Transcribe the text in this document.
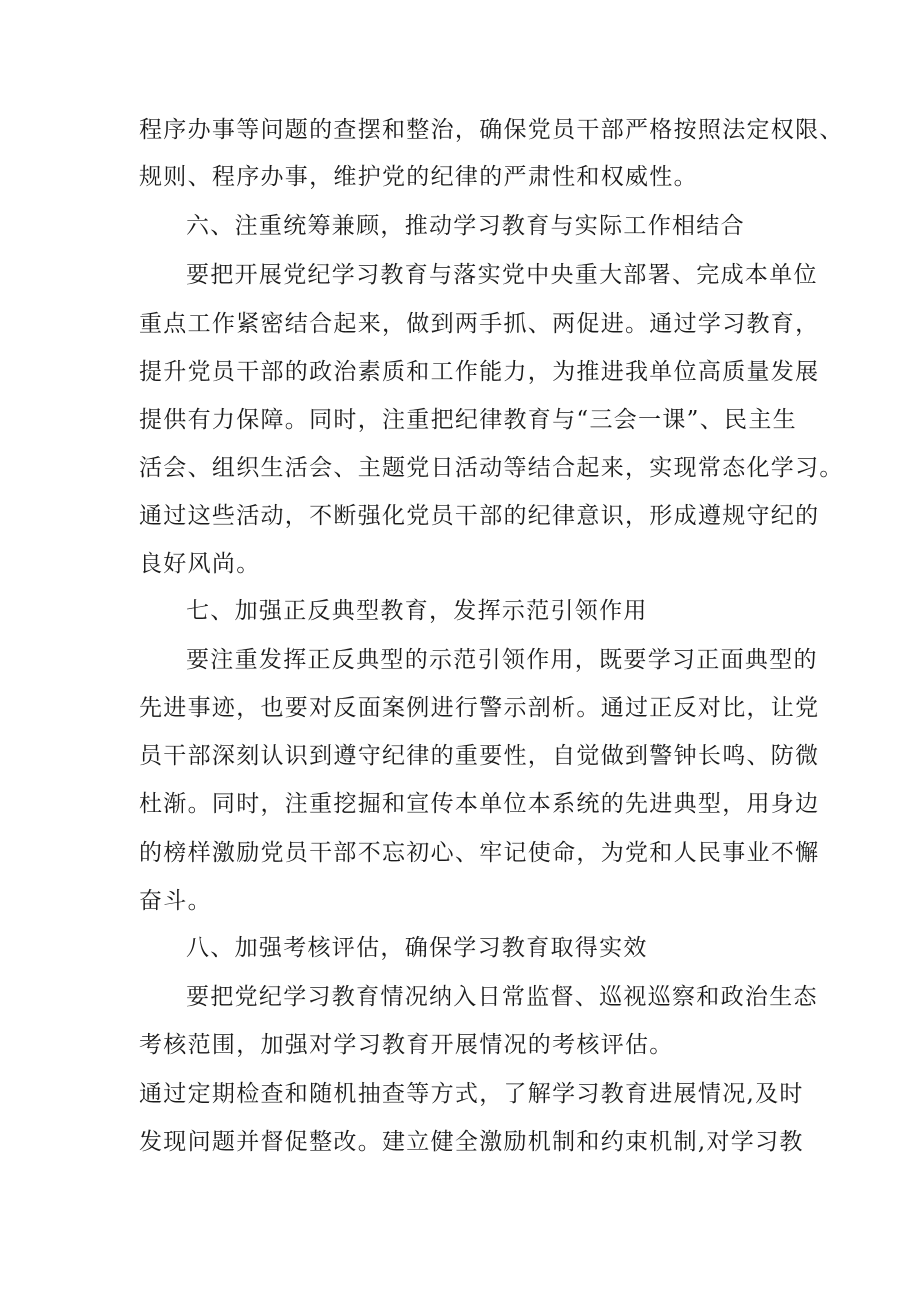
程序办事等问题的查摆和整治，确保党员干部严格按照法定权限、
规则、程序办事，维护党的纪律的严肃性和权威性。
六、注重统筹兼顾，推动学习教育与实际工作相结合
要把开展党纪学习教育与落实党中央重大部署、完成本单位
重点工作紧密结合起来，做到两手抓、两促进。通过学习教育，
提升党员干部的政治素质和工作能力，为推进我单位高质量发展
提供有力保障。同时，注重把纪律教育与“三会一课”、民主生
活会、组织生活会、主题党日活动等结合起来，实现常态化学习。
通过这些活动，不断强化党员干部的纪律意识，形成遵规守纪的
良好风尚。
七、加强正反典型教育，发挥示范引领作用
要注重发挥正反典型的示范引领作用，既要学习正面典型的
先进事迹，也要对反面案例进行警示剖析。通过正反对比，让党
员干部深刻认识到遵守纪律的重要性，自觉做到警钟长鸣、防微
杜渐。同时，注重挖掘和宣传本单位本系统的先进典型，用身边
的榜样激励党员干部不忘初心、牢记使命，为党和人民事业不懈
奋斗。
八、加强考核评估，确保学习教育取得实效
要把党纪学习教育情况纳入日常监督、巡视巡察和政治生态
考核范围，加强对学习教育开展情况的考核评估。
通过定期检查和随机抽查等方式，了解学习教育进展情况,及时
发现问题并督促整改。建立健全激励机制和约束机制,对学习教
